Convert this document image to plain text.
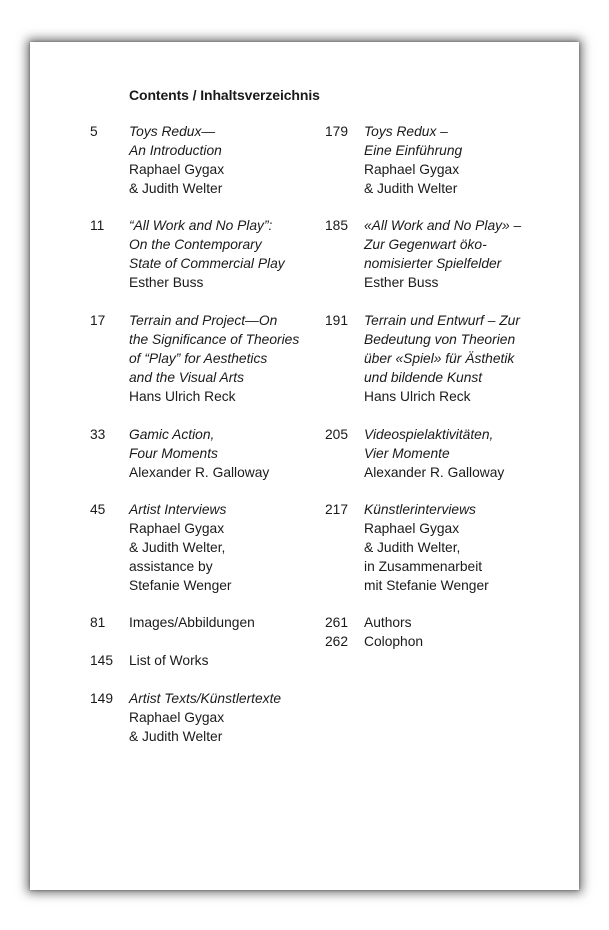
Contents / Inhaltsverzeichnis
5 Toys Redux—
An Introduction
Raphael Gygax
& Judith Welter
11 “All Work and No Play”:
On the Contemporary
State of Commercial Play
Esther Buss
17 Terrain and Project—On
the Significance of Theories
of “Play” for Aesthetics
and the Visual Arts
Hans Ulrich Reck
33 Gamic Action,
Four Moments
Alexander R. Galloway
45 Artist Interviews
Raphael Gygax
& Judith Welter,
assistance by
Stefanie Wenger
81 Images/Abbildungen
145 List of Works
149 Artist Texts/Künstlertexte
Raphael Gygax
& Judith Welter
179 Toys Redux –
Eine Einführung
Raphael Gygax
& Judith Welter
185 «All Work and No Play» –
Zur Gegenwart öko-
nomisierter Spielfelder
Esther Buss
191 Terrain und Entwurf – Zur
Bedeutung von Theorien
über «Spiel» für Ästhetik
und bildende Kunst
Hans Ulrich Reck
205 Videospielaktivitäten,
Vier Momente
Alexander R. Galloway
217 Künstlerinterviews
Raphael Gygax
& Judith Welter,
in Zusammenarbeit
mit Stefanie Wenger
261 Authors
262 Colophon
